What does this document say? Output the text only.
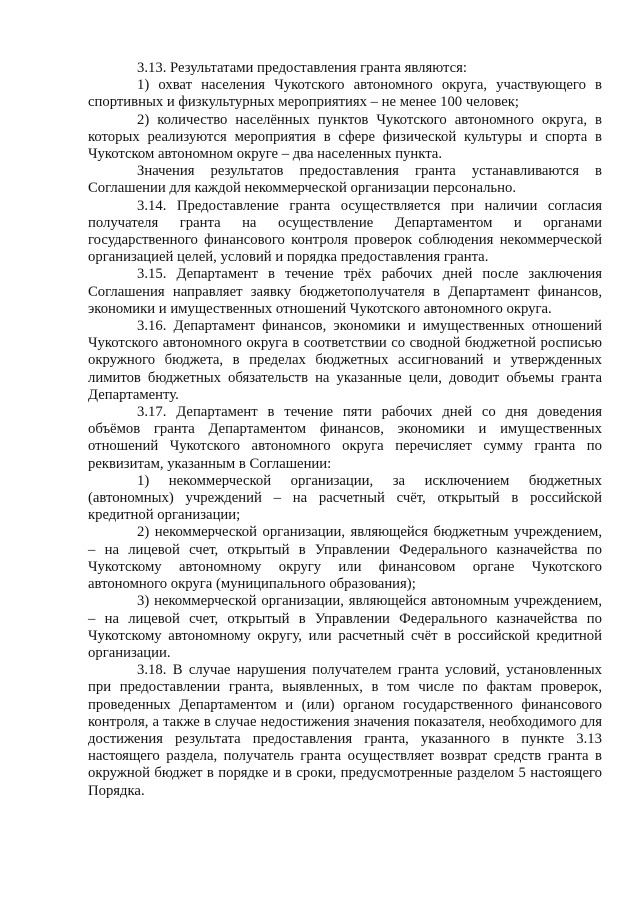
3.13. Результатами предоставления гранта являются:

1) охват населения Чукотского автономного округа, участвующего в спортивных и физкультурных мероприятиях – не менее 100 человек;

2) количество населённых пунктов Чукотского автономного округа, в которых реализуются мероприятия в сфере физической культуры и спорта в Чукотском автономном округе – два населенных пункта.

Значения результатов предоставления гранта устанавливаются в Соглашении для каждой некоммерческой организации персонально.

3.14. Предоставление гранта осуществляется при наличии согласия получателя гранта на осуществление Департаментом и органами государственного финансового контроля проверок соблюдения некоммерческой организацией целей, условий и порядка предоставления гранта.

3.15. Департамент в течение трёх рабочих дней после заключения Соглашения направляет заявку бюджетополучателя в Департамент финансов, экономики и имущественных отношений Чукотского автономного округа.

3.16. Департамент финансов, экономики и имущественных отношений Чукотского автономного округа в соответствии со сводной бюджетной росписью окружного бюджета, в пределах бюджетных ассигнований и утвержденных лимитов бюджетных обязательств на указанные цели, доводит объемы гранта Департаменту.

3.17. Департамент в течение пяти рабочих дней со дня доведения объёмов гранта Департаментом финансов, экономики и имущественных отношений Чукотского автономного округа перечисляет сумму гранта по реквизитам, указанным в Соглашении:

1) некоммерческой организации, за исключением бюджетных (автономных) учреждений – на расчетный счёт, открытый в российской кредитной организации;

2) некоммерческой организации, являющейся бюджетным учреждением, – на лицевой счет, открытый в Управлении Федерального казначейства по Чукотскому автономному округу или финансовом органе Чукотского автономного округа (муниципального образования);

3) некоммерческой организации, являющейся автономным учреждением, – на лицевой счет, открытый в Управлении Федерального казначейства по Чукотскому автономному округу, или расчетный счёт в российской кредитной организации.

3.18. В случае нарушения получателем гранта условий, установленных при предоставлении гранта, выявленных, в том числе по фактам проверок, проведенных Департаментом и (или) органом государственного финансового контроля, а также в случае недостижения значения показателя, необходимого для достижения результата предоставления гранта, указанного в пункте 3.13 настоящего раздела, получатель гранта осуществляет возврат средств гранта в окружной бюджет в порядке и в сроки, предусмотренные разделом 5 настоящего Порядка.
